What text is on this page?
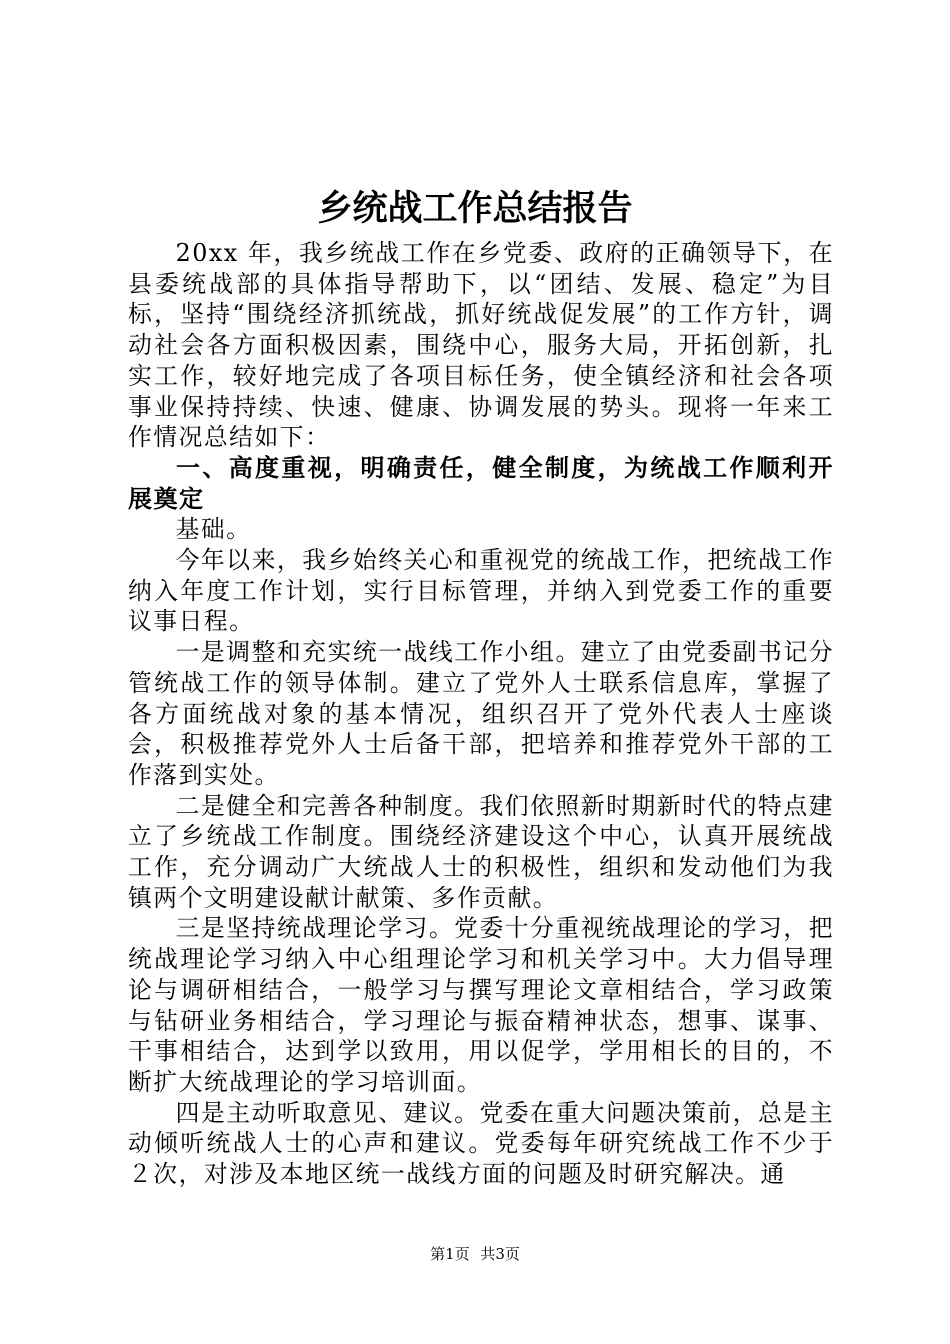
乡统战工作总结报告

20xx 年，我乡统战工作在乡党委、政府的正确领导下，在县委统战部的具体指导帮助下，以“团结、发展、稳定”为目标，坚持“围绕经济抓统战，抓好统战促发展”的工作方针，调动社会各方面积极因素，围绕中心，服务大局，开拓创新，扎实工作，较好地完成了各项目标任务，使全镇经济和社会各项事业保持持续、快速、健康、协调发展的势头。现将一年来工作情况总结如下：

一、高度重视，明确责任，健全制度，为统战工作顺利开展奠定

基础。

今年以来，我乡始终关心和重视党的统战工作，把统战工作纳入年度工作计划，实行目标管理，并纳入到党委工作的重要议事日程。

一是调整和充实统一战线工作小组。建立了由党委副书记分管统战工作的领导体制。建立了党外人士联系信息库，掌握了各方面统战对象的基本情况，组织召开了党外代表人士座谈会，积极推荐党外人士后备干部，把培养和推荐党外干部的工作落到实处。

二是健全和完善各种制度。我们依照新时期新时代的特点建立了乡统战工作制度。围绕经济建设这个中心，认真开展统战工作，充分调动广大统战人士的积极性，组织和发动他们为我镇两个文明建设献计献策、多作贡献。

三是坚持统战理论学习。党委十分重视统战理论的学习，把统战理论学习纳入中心组理论学习和机关学习中。大力倡导理论与调研相结合，一般学习与撰写理论文章相结合，学习政策与钻研业务相结合，学习理论与振奋精神状态，想事、谋事、干事相结合，达到学以致用，用以促学，学用相长的目的，不断扩大统战理论的学习培训面。

四是主动听取意见、建议。党委在重大问题决策前，总是主动倾听统战人士的心声和建议。党委每年研究统战工作不少于２次，对涉及本地区统一战线方面的问题及时研究解决。通

第1页 共3页
